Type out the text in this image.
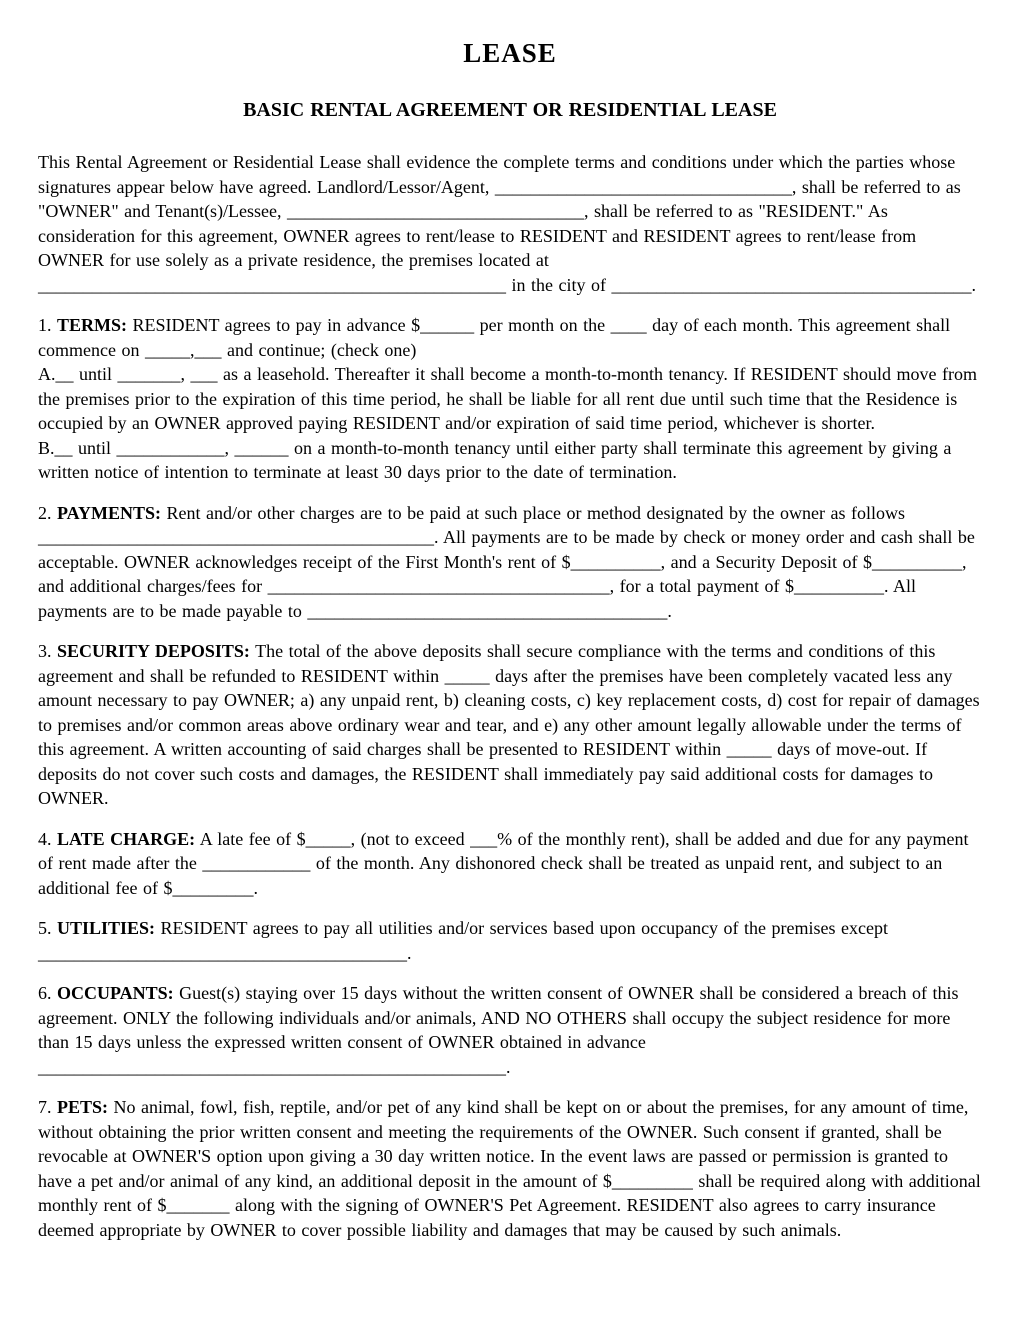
LEASE
BASIC RENTAL AGREEMENT OR RESIDENTIAL LEASE

This Rental Agreement or Residential Lease shall evidence the complete terms and conditions under which the parties whose signatures appear below have agreed. Landlord/Lessor/Agent, _________________________________, shall be referred to as "OWNER" and Tenant(s)/Lessee, _________________________________, shall be referred to as "RESIDENT." As consideration for this agreement, OWNER agrees to rent/lease to RESIDENT and RESIDENT agrees to rent/lease from OWNER for use solely as a private residence, the premises located at ____________________________________________________ in the city of ________________________________________.

1. TERMS: RESIDENT agrees to pay in advance $______ per month on the ____ day of each month. This agreement shall commence on _____,___ and continue; (check one)
A.__ until _______, ___ as a leasehold. Thereafter it shall become a month-to-month tenancy. If RESIDENT should move from the premises prior to the expiration of this time period, he shall be liable for all rent due until such time that the Residence is occupied by an OWNER approved paying RESIDENT and/or expiration of said time period, whichever is shorter.
B.__ until ____________, ______ on a month-to-month tenancy until either party shall terminate this agreement by giving a written notice of intention to terminate at least 30 days prior to the date of termination.

2. PAYMENTS: Rent and/or other charges are to be paid at such place or method designated by the owner as follows ____________________________________________. All payments are to be made by check or money order and cash shall be acceptable. OWNER acknowledges receipt of the First Month's rent of $__________, and a Security Deposit of $__________, and additional charges/fees for ______________________________________, for a total payment of $__________. All payments are to be made payable to ________________________________________.

3. SECURITY DEPOSITS: The total of the above deposits shall secure compliance with the terms and conditions of this agreement and shall be refunded to RESIDENT within _____ days after the premises have been completely vacated less any amount necessary to pay OWNER; a) any unpaid rent, b) cleaning costs, c) key replacement costs, d) cost for repair of damages to premises and/or common areas above ordinary wear and tear, and e) any other amount legally allowable under the terms of this agreement. A written accounting of said charges shall be presented to RESIDENT within _____ days of move-out. If deposits do not cover such costs and damages, the RESIDENT shall immediately pay said additional costs for damages to OWNER.

4. LATE CHARGE: A late fee of $_____, (not to exceed ___% of the monthly rent), shall be added and due for any payment of rent made after the ____________ of the month. Any dishonored check shall be treated as unpaid rent, and subject to an additional fee of $_________.

5. UTILITIES: RESIDENT agrees to pay all utilities and/or services based upon occupancy of the premises except _________________________________________.

6. OCCUPANTS: Guest(s) staying over 15 days without the written consent of OWNER shall be considered a breach of this agreement. ONLY the following individuals and/or animals, AND NO OTHERS shall occupy the subject residence for more than 15 days unless the expressed written consent of OWNER obtained in advance ____________________________________________________.

7. PETS: No animal, fowl, fish, reptile, and/or pet of any kind shall be kept on or about the premises, for any amount of time, without obtaining the prior written consent and meeting the requirements of the OWNER. Such consent if granted, shall be revocable at OWNER'S option upon giving a 30 day written notice. In the event laws are passed or permission is granted to have a pet and/or animal of any kind, an additional deposit in the amount of $_________ shall be required along with additional monthly rent of $_______ along with the signing of OWNER'S Pet Agreement. RESIDENT also agrees to carry insurance deemed appropriate by OWNER to cover possible liability and damages that may be caused by such animals.
